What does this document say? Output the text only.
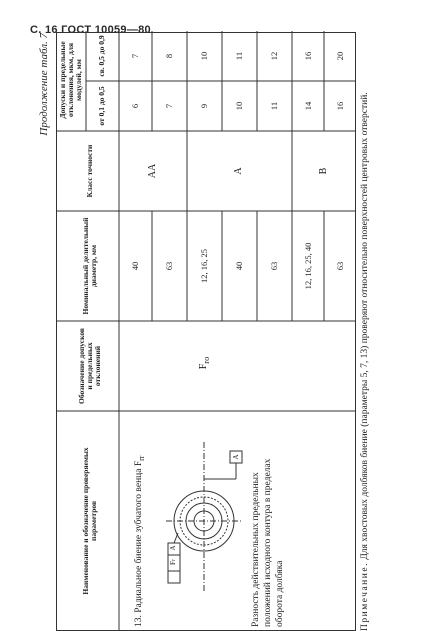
С. 16 ГОСТ 10059—80
Продолжение табл. 7
Наименование и обозначение проверяемых параметров
Обозначение допусков и предельных отклонений
Номинальный делительный диаметр, мм
Класс точности
Допуски и предельные отклонения, мкм, для модулей, мм
от 0,1 до 0,5
св. 0,5 до 0,9
13. Радиальное биение зубчатого венца $F_{rr}$
F
r
А
А
Разность действительных предельных положений исходного контура в пределах оборота долбяка
$F_{ro}$
АА	А	В
40
6
7
63
7
8
12, 16, 25
9
10
40
10
11
63
11
12
12, 16, 25, 40
14
16
63
16
20
Примечание. Для хвостовых долбяков биение (параметры 5, 7, 13) проверяют относительно поверхностей центровых отверстий.
